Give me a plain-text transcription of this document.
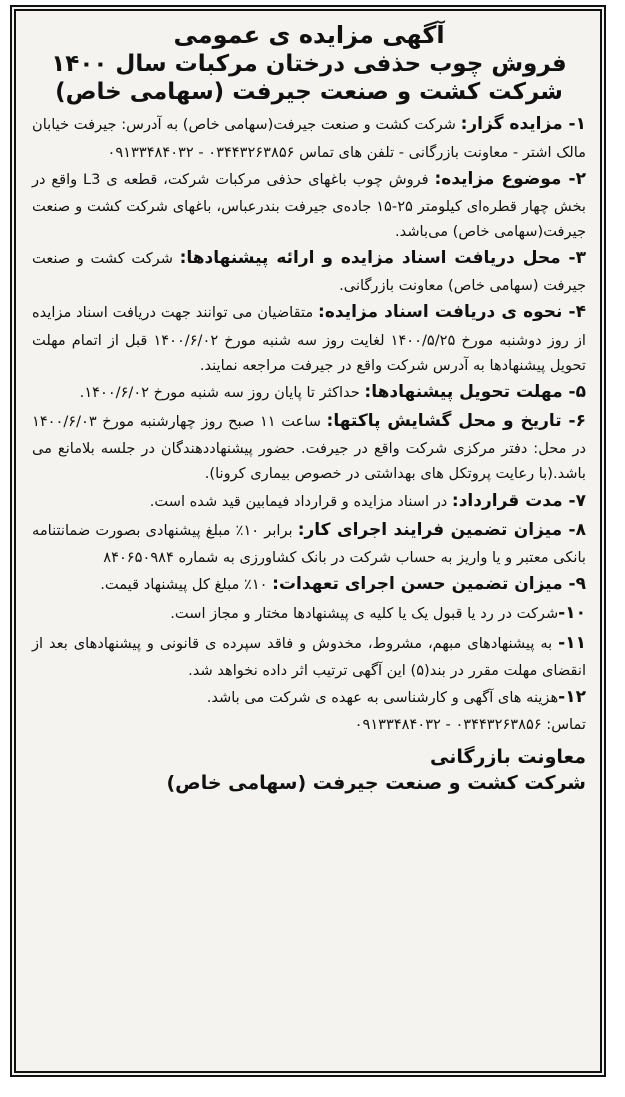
آگهی مزایده ی عمومی
فروش چوب حذفی درختان مرکبات سال ۱۴۰۰
شرکت کشت و صنعت جیرفت (سهامی خاص)

۱- مزایده گزار: شرکت کشت و صنعت جیرفت(سهامی خاص) به آدرس: جیرفت خیابان مالک اشتر - معاونت بازرگانی - تلفن های تماس ۰۳۴۴۳۲۶۳۸۵۶ - ۰۹۱۳۳۴۸۴۰۳۲

۲- موضوع مزایده: فروش چوب باغهای حذفی مرکبات شرکت، قطعه ی L3 واقع در بخش چهار قطره‌ای کیلومتر ۲۵-۱۵ جاده‌ی جیرفت بندرعباس، باغهای شرکت کشت و صنعت جیرفت(سهامی خاص) می‌باشد.

۳- محل دریافت اسناد مزایده و ارائه پیشنهادها: شرکت کشت و صنعت جیرفت (سهامی خاص) معاونت بازرگانی.

۴- نحوه ی دریافت اسناد مزایده: متقاضیان می توانند جهت دریافت اسناد مزایده از روز دوشنبه مورخ ۱۴۰۰/۵/۲۵ لغایت روز سه شنبه مورخ ۱۴۰۰/۶/۰۲ قبل از اتمام مهلت تحویل پیشنهادها به آدرس شرکت واقع در جیرفت مراجعه نمایند.

۵- مهلت تحویل پیشنهادها: حداکثر تا پایان روز سه شنبه مورخ ۱۴۰۰/۶/۰۲.

۶- تاریخ و محل گشایش پاکتها: ساعت ۱۱ صبح روز چهارشنبه مورخ ۱۴۰۰/۶/۰۳ در محل: دفتر مرکزی شرکت واقع در جیرفت. حضور پیشنهاددهندگان در جلسه بلامانع می باشد.(با رعایت پروتکل های بهداشتی در خصوص بیماری کرونا).

۷- مدت قرارداد: در اسناد مزایده و قرارداد فیمابین قید شده است.

۸- میزان تضمین فرایند اجرای کار: برابر ۱۰٪ مبلغ پیشنهادی بصورت ضمانتنامه بانکی معتبر و یا واریز به حساب شرکت در بانک کشاورزی به شماره ۸۴۰۶۵۰۹۸۴

۹- میزان تضمین حسن اجرای تعهدات: ۱۰٪ مبلغ کل پیشنهاد قیمت.

۱۰-شرکت در رد یا قبول یک یا کلیه ی پیشنهادها مختار و مجاز است.

۱۱- به پیشنهادهای مبهم، مشروط، مخدوش و فاقد سپرده ی قانونی و پیشنهادهای بعد از انقضای مهلت مقرر در بند(۵) این آگهی ترتیب اثر داده نخواهد شد.

۱۲-هزینه های آگهی و کارشناسی به عهده ی شرکت می باشد.

تماس: ۰۳۴۴۳۲۶۳۸۵۶ - ۰۹۱۳۳۴۸۴۰۳۲

معاونت بازرگانی
شرکت کشت و صنعت جیرفت (سهامی خاص)
